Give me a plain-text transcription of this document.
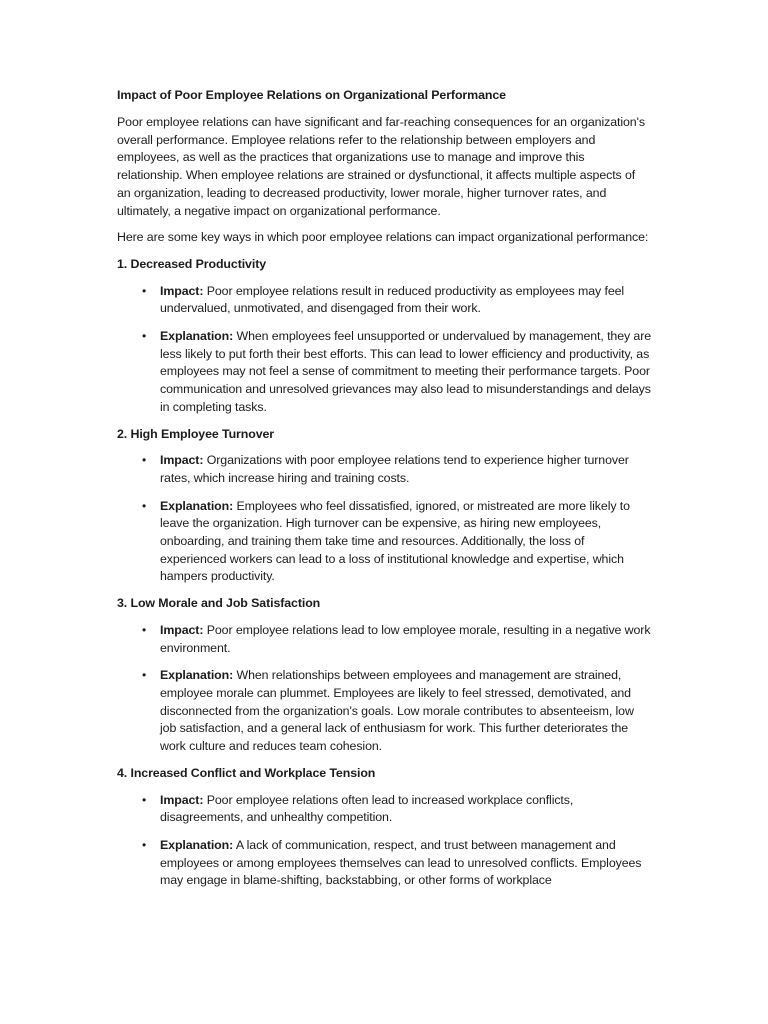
Impact of Poor Employee Relations on Organizational Performance

Poor employee relations can have significant and far-reaching consequences for an organization's overall performance. Employee relations refer to the relationship between employers and employees, as well as the practices that organizations use to manage and improve this relationship. When employee relations are strained or dysfunctional, it affects multiple aspects of an organization, leading to decreased productivity, lower morale, higher turnover rates, and ultimately, a negative impact on organizational performance.

Here are some key ways in which poor employee relations can impact organizational performance:

1. Decreased Productivity
• Impact: Poor employee relations result in reduced productivity as employees may feel undervalued, unmotivated, and disengaged from their work.
• Explanation: When employees feel unsupported or undervalued by management, they are less likely to put forth their best efforts. This can lead to lower efficiency and productivity, as employees may not feel a sense of commitment to meeting their performance targets. Poor communication and unresolved grievances may also lead to misunderstandings and delays in completing tasks.
2. High Employee Turnover
• Impact: Organizations with poor employee relations tend to experience higher turnover rates, which increase hiring and training costs.
• Explanation: Employees who feel dissatisfied, ignored, or mistreated are more likely to leave the organization. High turnover can be expensive, as hiring new employees, onboarding, and training them take time and resources. Additionally, the loss of experienced workers can lead to a loss of institutional knowledge and expertise, which hampers productivity.
3. Low Morale and Job Satisfaction
• Impact: Poor employee relations lead to low employee morale, resulting in a negative work environment.
• Explanation: When relationships between employees and management are strained, employee morale can plummet. Employees are likely to feel stressed, demotivated, and disconnected from the organization's goals. Low morale contributes to absenteeism, low job satisfaction, and a general lack of enthusiasm for work. This further deteriorates the work culture and reduces team cohesion.
4. Increased Conflict and Workplace Tension
• Impact: Poor employee relations often lead to increased workplace conflicts, disagreements, and unhealthy competition.
• Explanation: A lack of communication, respect, and trust between management and employees or among employees themselves can lead to unresolved conflicts. Employees may engage in blame-shifting, backstabbing, or other forms of workplace
